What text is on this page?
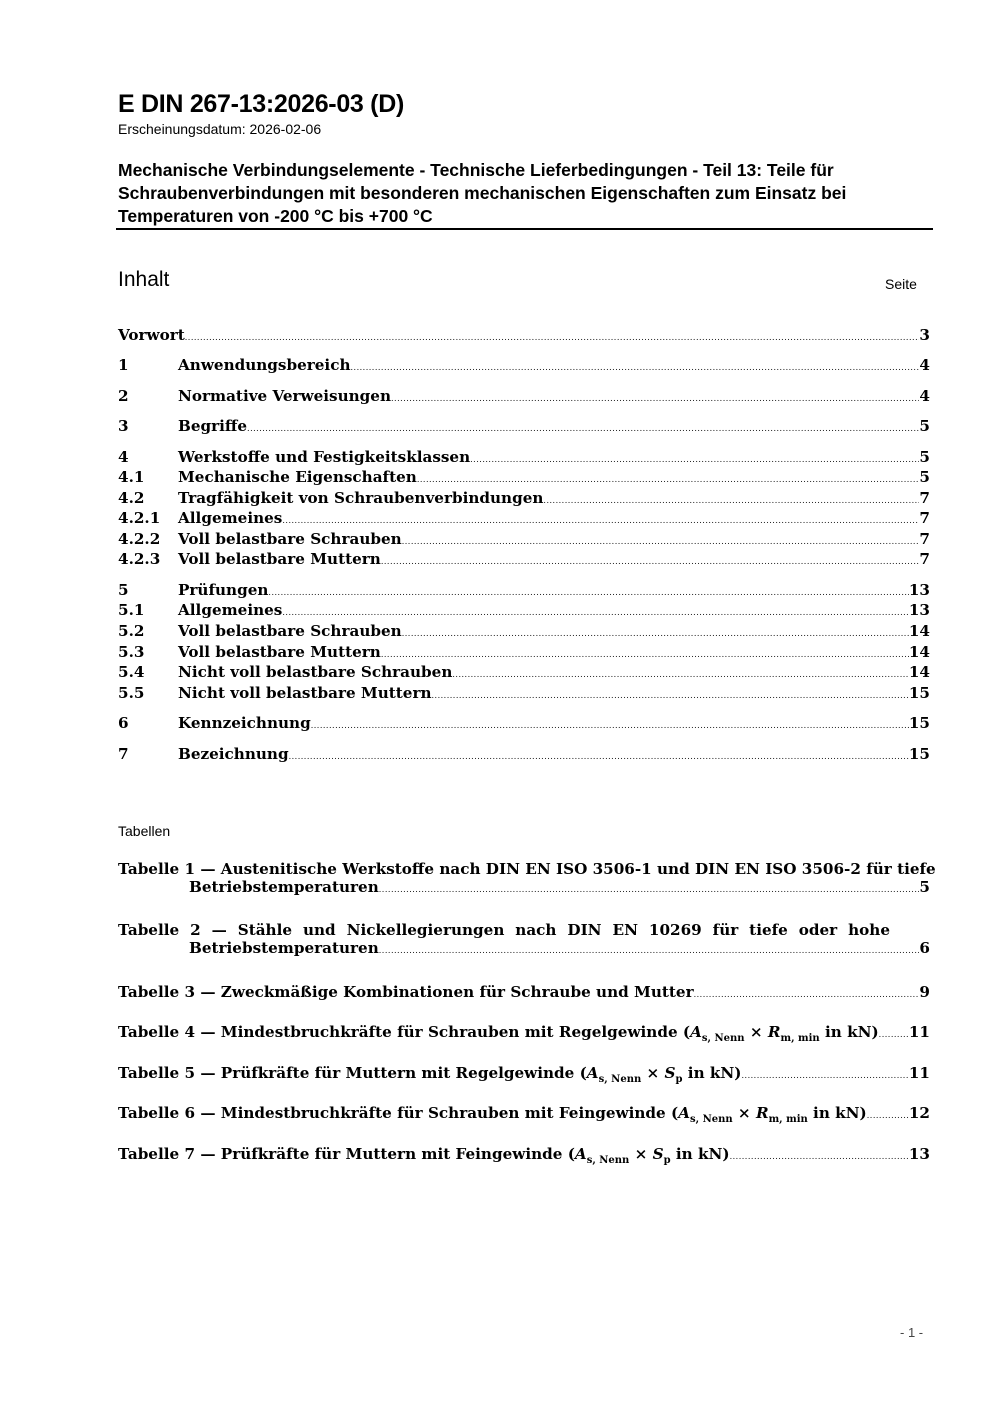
E DIN 267-13:2026-03 (D)
Erscheinungsdatum: 2026-02-06
Mechanische Verbindungselemente - Technische Lieferbedingungen - Teil 13: Teile für Schraubenverbindungen mit besonderen mechanischen Eigenschaften zum Einsatz bei Temperaturen von -200 °C bis +700 °C
Inhalt	Seite
Vorwort .....	3
1	Anwendungsbereich .....	4
2	Normative Verweisungen .....	4
3	Begriffe .....	5
4	Werkstoffe und Festigkeitsklassen .....	5
4.1	Mechanische Eigenschaften .....	5
4.2	Tragfähigkeit von Schraubenverbindungen .....	7
4.2.1	Allgemeines .....	7
4.2.2	Voll belastbare Schrauben .....	7
4.2.3	Voll belastbare Muttern .....	7
5	Prüfungen .....	13
5.1	Allgemeines .....	13
5.2	Voll belastbare Schrauben .....	14
5.3	Voll belastbare Muttern .....	14
5.4	Nicht voll belastbare Schrauben .....	14
5.5	Nicht voll belastbare Muttern .....	15
6	Kennzeichnung .....	15
7	Bezeichnung .....	15
Tabellen
Tabelle 1 — Austenitische Werkstoffe nach DIN EN ISO 3506-1 und DIN EN ISO 3506-2 für tiefe
Betriebstemperaturen .....	5
Tabelle 2 — Stähle und Nickellegierungen nach DIN EN 10269 für tiefe oder hohe
Betriebstemperaturen .....	6
Tabelle 3 — Zweckmäßige Kombinationen für Schraube und Mutter .....	9
Tabelle 4 — Mindestbruchkräfte für Schrauben mit Regelgewinde ($A_{s, Nenn} \times R_{m, min}$ in kN) ..... 11
Tabelle 5 — Prüfkräfte für Muttern mit Regelgewinde ($A_{s, Nenn} \times S_p$ in kN) .....	11
Tabelle 6 — Mindestbruchkräfte für Schrauben mit Feingewinde ($A_{s, Nenn} \times R_{m, min}$ in kN) .....	12
Tabelle 7 — Prüfkräfte für Muttern mit Feingewinde ($A_{s, Nenn} \times S_p$ in kN) .....	13
- 1 -
